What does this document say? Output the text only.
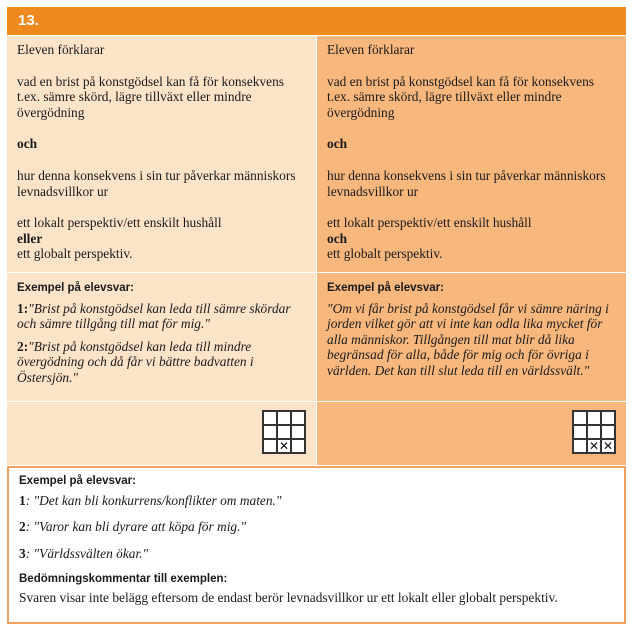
13.

Eleven förklarar

vad en brist på konstgödsel kan få för konsekvens t.ex. sämre skörd, lägre tillväxt eller mindre övergödning

och

hur denna konsekvens i sin tur påverkar människors levnadsvillkor ur

ett lokalt perspektiv/ett enskilt hushåll

eller

ett globalt perspektiv.

Eleven förklarar

vad en brist på konstgödsel kan få för konsekvens t.ex. sämre skörd, lägre tillväxt eller mindre övergödning

och

hur denna konsekvens i sin tur påverkar människors levnadsvillkor ur

ett lokalt perspektiv/ett enskilt hushåll

och

ett globalt perspektiv.

Exempel på elevsvar:

1:"Brist på konstgödsel kan leda till sämre skördar och sämre tillgång till mat för mig."

2:"Brist på konstgödsel kan leda till mindre övergödning och då får vi bättre badvatten i Östersjön."

Exempel på elevsvar:

"Om vi får brist på konstgödsel får vi sämre näring i jorden vilket gör att vi inte kan odla lika mycket för alla människor. Tillgången till mat blir då lika begränsad för alla, både för mig och för övriga i världen. Det kan till slut leda till en världssvält."

✕	✕ ✕

Exempel på elevsvar:

1: "Det kan bli konkurrens/konflikter om maten."

2: "Varor kan bli dyrare att köpa för mig."

3: "Världssvälten ökar."

Bedömningskommentar till exemplen:

Svaren visar inte belägg eftersom de endast berör levnadsvillkor ur ett lokalt eller globalt perspektiv.
